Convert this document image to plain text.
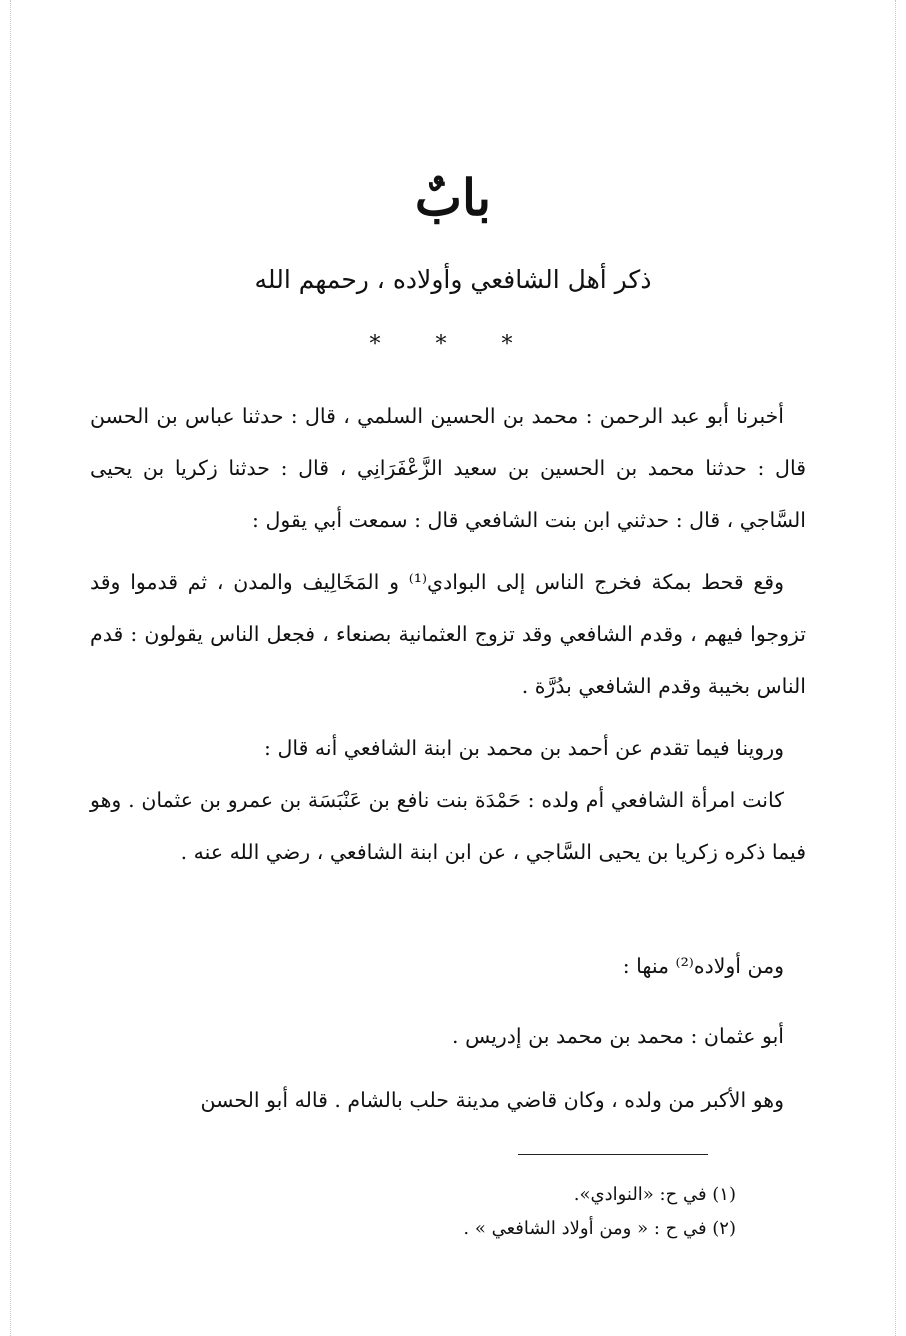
بابٌ
ذكر أهل الشافعي وأولاده ، رحمهم الله
* * *
أخبرنا أبو عبد الرحمن : محمد بن الحسين السلمي ، قال : حدثنا عباس بن الحسن قال : حدثنا محمد بن الحسين بن سعيد الزَّعْفَرَانِي ، قال : حدثنا زكريا بن يحيى السَّاجي ، قال : حدثني ابن بنت الشافعي قال : سمعت أبي يقول :
وقع قحط بمكة فخرج الناس إلى البوادي⁽¹⁾ و المَخَالِيف والمدن ، ثم قدموا وقد تزوجوا فيهم ، وقدم الشافعي وقد تزوج العثمانية بصنعاء ، فجعل الناس يقولون : قدم الناس بخيبة وقدم الشافعي بدُرَّة .
وروينا فيما تقدم عن أحمد بن محمد بن ابنة الشافعي أنه قال :
كانت امرأة الشافعي أم ولده : حَمْدَة بنت نافع بن عَنْبَسَة بن عمرو بن عثمان . وهو فيما ذكره زكريا بن يحيى السَّاجي ، عن ابن ابنة الشافعي ، رضي الله عنه .
ومن أولاده⁽²⁾ منها :
أبو عثمان : محمد بن محمد بن إدريس .
وهو الأكبر من ولده ، وكان قاضي مدينة حلب بالشام . قاله أبو الحسن
(١) في ح: «النوادي».
(٢) في ح : « ومن أولاد الشافعي » .
